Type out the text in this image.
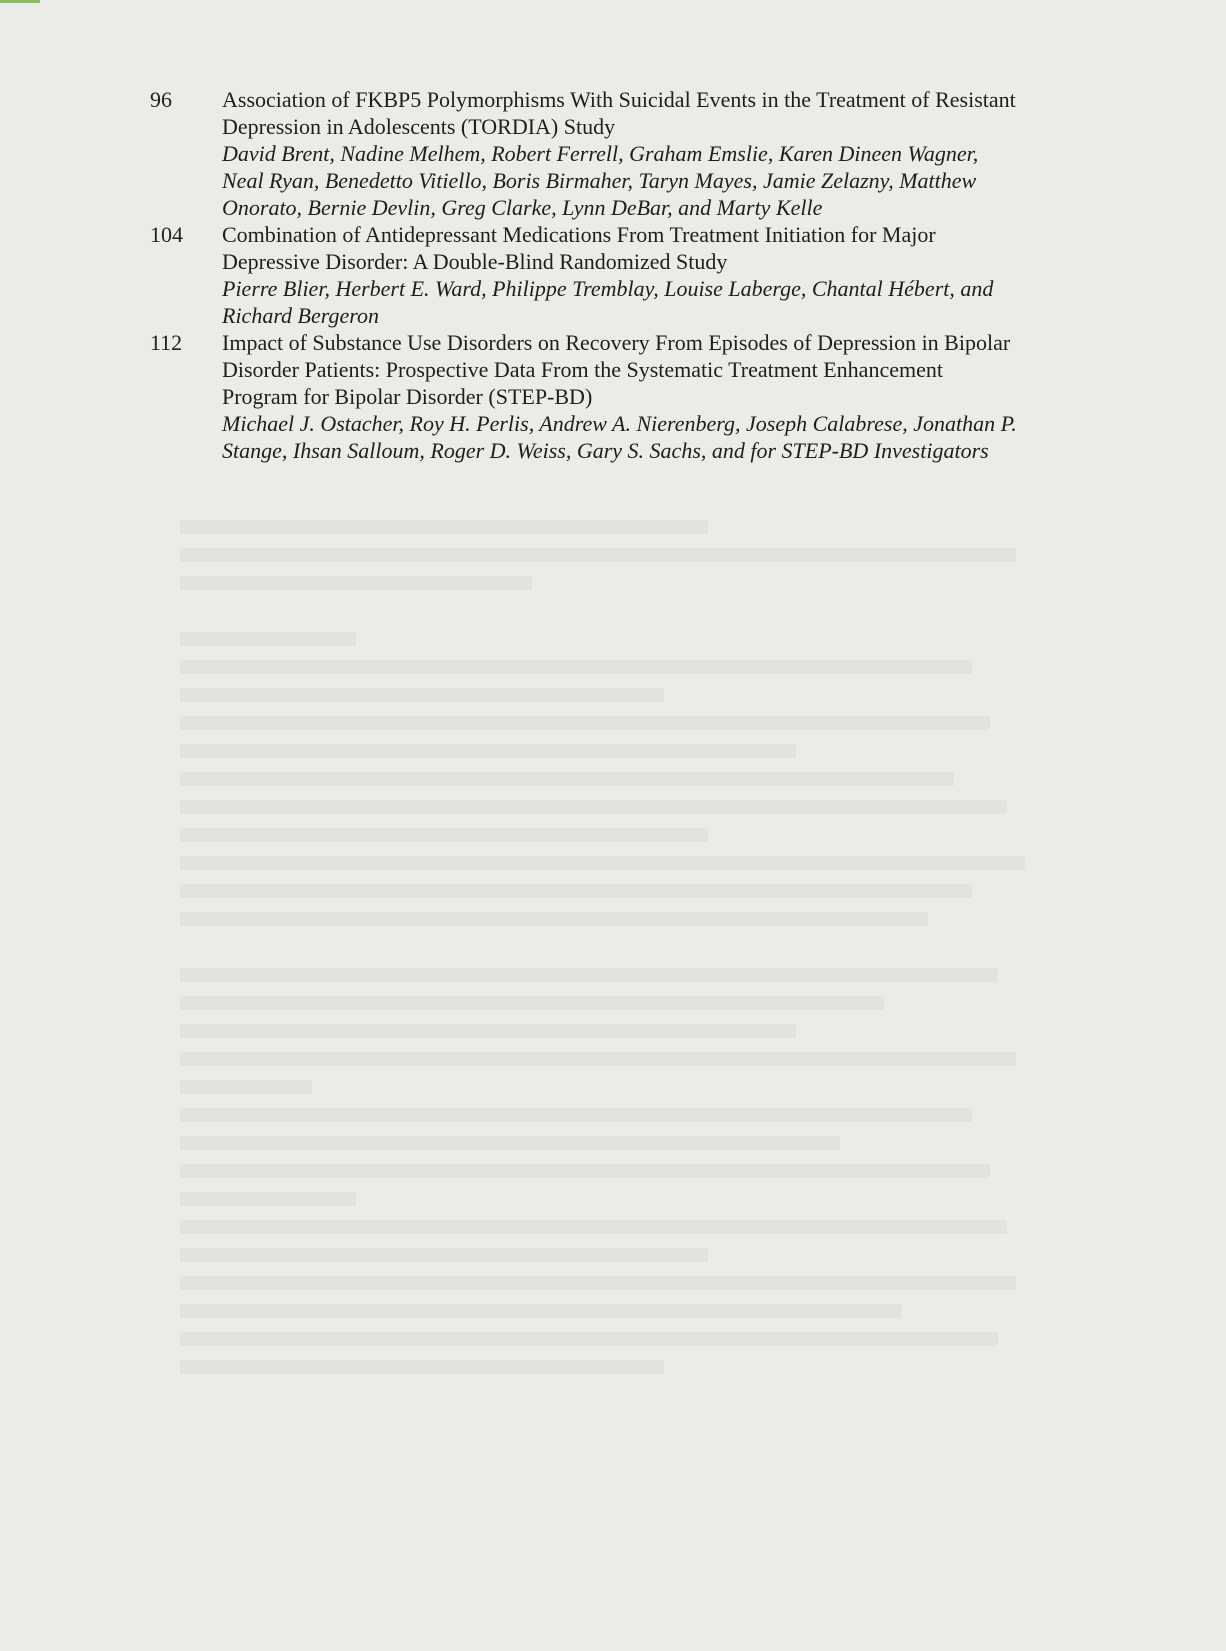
96	Association of FKBP5 Polymorphisms With Suicidal Events in the Treatment of Resistant
Depression in Adolescents (TORDIA) Study
David Brent, Nadine Melhem, Robert Ferrell, Graham Emslie, Karen Dineen Wagner,
Neal Ryan, Benedetto Vitiello, Boris Birmaher, Taryn Mayes, Jamie Zelazny, Matthew
Onorato, Bernie Devlin, Greg Clarke, Lynn DeBar, and Marty Kelle
104	Combination of Antidepressant Medications From Treatment Initiation for Major
Depressive Disorder: A Double-Blind Randomized Study
Pierre Blier, Herbert E. Ward, Philippe Tremblay, Louise Laberge, Chantal Hébert, and
Richard Bergeron
112	Impact of Substance Use Disorders on Recovery From Episodes of Depression in Bipolar
Disorder Patients: Prospective Data From the Systematic Treatment Enhancement
Program for Bipolar Disorder (STEP-BD)
Michael J. Ostacher, Roy H. Perlis, Andrew A. Nierenberg, Joseph Calabrese, Jonathan P.
Stange, Ihsan Salloum, Roger D. Weiss, Gary S. Sachs, and for STEP-BD Investigators
